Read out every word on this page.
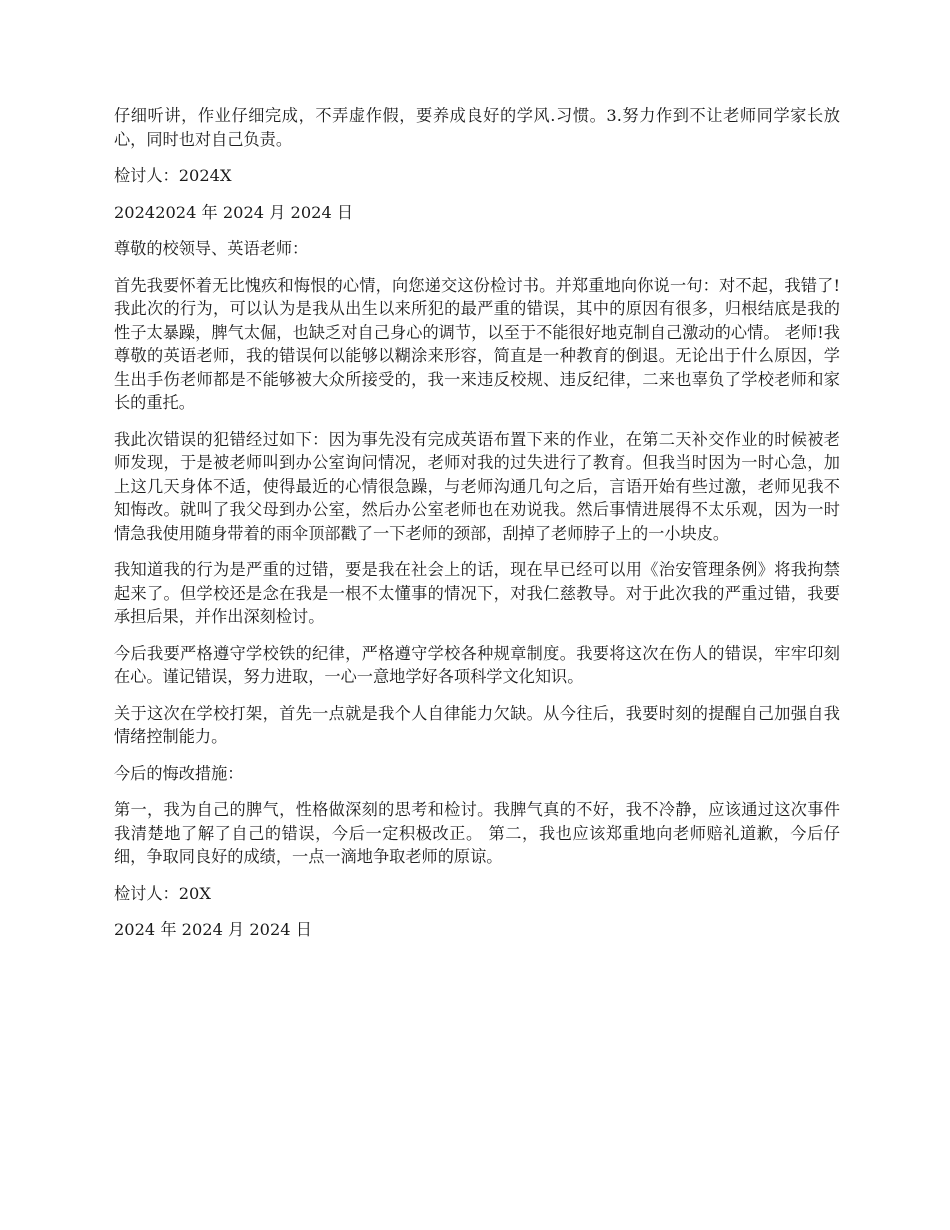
仔细听讲，作业仔细完成，不弄虚作假，要养成良好的学风.习惯。3.努力作到不让老师同学家长放心，同时也对自己负责。

检讨人：2024X

20242024 年 2024 月 2024 日

尊敬的校领导、英语老师：

首先我要怀着无比愧疚和悔恨的心情，向您递交这份检讨书。并郑重地向你说一句：对不起，我错了!我此次的行为，可以认为是我从出生以来所犯的最严重的错误，其中的原因有很多，归根结底是我的性子太暴躁，脾气太倔，也缺乏对自己身心的调节，以至于不能很好地克制自己激动的心情。 老师!我尊敬的英语老师，我的错误何以能够以糊涂来形容，简直是一种教育的倒退。无论出于什么原因，学生出手伤老师都是不能够被大众所接受的，我一来违反校规、违反纪律，二来也辜负了学校老师和家长的重托。

我此次错误的犯错经过如下：因为事先没有完成英语布置下来的作业，在第二天补交作业的时候被老师发现，于是被老师叫到办公室询问情况，老师对我的过失进行了教育。但我当时因为一时心急，加上这几天身体不适，使得最近的心情很急躁，与老师沟通几句之后，言语开始有些过激，老师见我不知悔改。就叫了我父母到办公室，然后办公室老师也在劝说我。然后事情进展得不太乐观，因为一时情急我使用随身带着的雨伞顶部戳了一下老师的颈部，刮掉了老师脖子上的一小块皮。

我知道我的行为是严重的过错，要是我在社会上的话，现在早已经可以用《治安管理条例》将我拘禁起来了。但学校还是念在我是一根不太懂事的情况下，对我仁慈教导。对于此次我的严重过错，我要承担后果，并作出深刻检讨。

今后我要严格遵守学校铁的纪律，严格遵守学校各种规章制度。我要将这次在伤人的错误，牢牢印刻在心。谨记错误，努力进取，一心一意地学好各项科学文化知识。

关于这次在学校打架，首先一点就是我个人自律能力欠缺。从今往后，我要时刻的提醒自己加强自我情绪控制能力。

今后的悔改措施：

第一，我为自己的脾气，性格做深刻的思考和检讨。我脾气真的不好，我不冷静，应该通过这次事件我清楚地了解了自己的错误，今后一定积极改正。 第二，我也应该郑重地向老师赔礼道歉，今后仔细，争取同良好的成绩，一点一滴地争取老师的原谅。

检讨人：20X

2024 年 2024 月 2024 日
